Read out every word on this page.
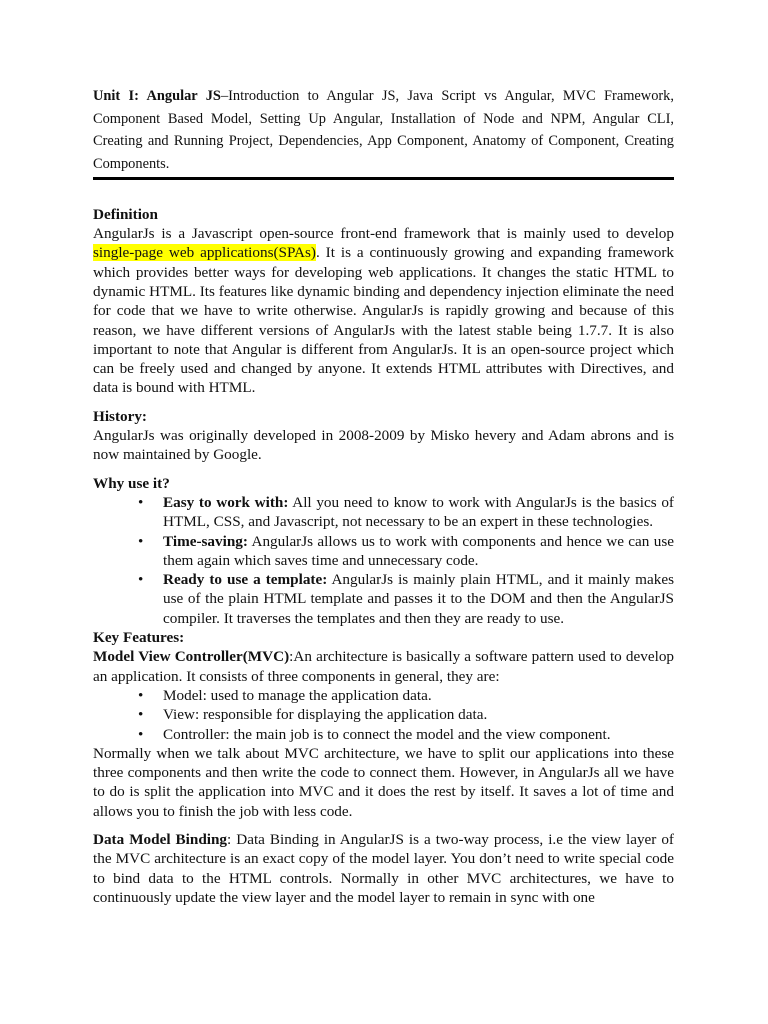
Unit I: Angular JS–Introduction to Angular JS, Java Script vs Angular, MVC Framework, Component Based Model, Setting Up Angular, Installation of Node and NPM, Angular CLI, Creating and Running Project, Dependencies, App Component, Anatomy of Component, Creating Components.

Definition

AngularJs is a Javascript open-source front-end framework that is mainly used to develop single-page web applications(SPAs). It is a continuously growing and expanding framework which provides better ways for developing web applications. It changes the static HTML to dynamic HTML. Its features like dynamic binding and dependency injection eliminate the need for code that we have to write otherwise. AngularJs is rapidly growing and because of this reason, we have different versions of AngularJs with the latest stable being 1.7.7. It is also important to note that Angular is different from AngularJs. It is an open-source project which can be freely used and changed by anyone. It extends HTML attributes with Directives, and data is bound with HTML.

History:

AngularJs was originally developed in 2008-2009 by Misko hevery and Adam abrons and is now maintained by Google.

Why use it?

• Easy to work with: All you need to know to work with AngularJs is the basics of HTML, CSS, and Javascript, not necessary to be an expert in these technologies.
• Time-saving: AngularJs allows us to work with components and hence we can use them again which saves time and unnecessary code.
• Ready to use a template: AngularJs is mainly plain HTML, and it mainly makes use of the plain HTML template and passes it to the DOM and then the AngularJS compiler. It traverses the templates and then they are ready to use.

Key Features:

Model View Controller(MVC):An architecture is basically a software pattern used to develop an application. It consists of three components in general, they are:

• Model: used to manage the application data.
• View: responsible for displaying the application data.
• Controller: the main job is to connect the model and the view component.

Normally when we talk about MVC architecture, we have to split our applications into these three components and then write the code to connect them. However, in AngularJs all we have to do is split the application into MVC and it does the rest by itself. It saves a lot of time and allows you to finish the job with less code.

Data Model Binding: Data Binding in AngularJS is a two-way process, i.e the view layer of the MVC architecture is an exact copy of the model layer. You don’t need to write special code to bind data to the HTML controls. Normally in other MVC architectures, we have to continuously update the view layer and the model layer to remain in sync with one
